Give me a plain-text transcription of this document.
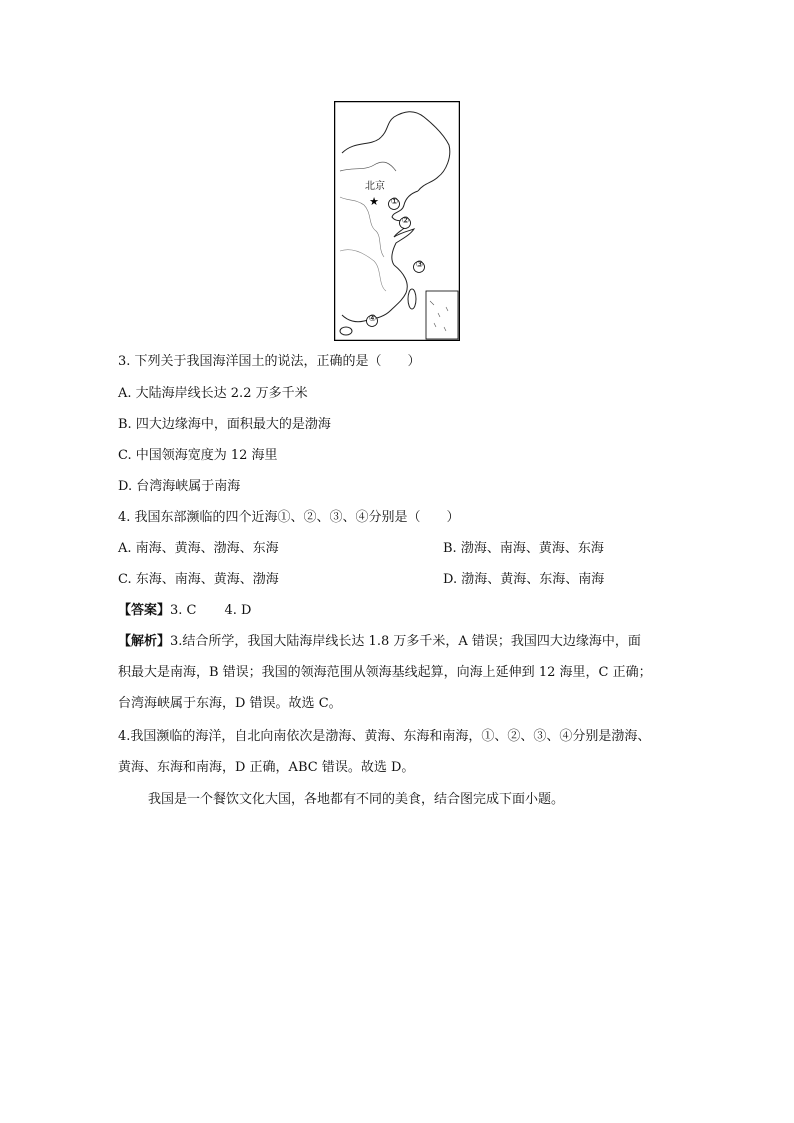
★
北京
①
②
③
④
3. 下列关于我国海洋国土的说法，正确的是（　　）
A. 大陆海岸线长达 2.2 万多千米
B. 四大边缘海中，面积最大的是渤海
C. 中国领海宽度为 12 海里
D. 台湾海峡属于南海
4. 我国东部濒临的四个近海①、②、③、④分别是（　　）
A. 南海、黄海、渤海、东海	B. 渤海、南海、黄海、东海
C. 东海、南海、黄海、渤海	D. 渤海、黄海、东海、南海
【答案】3. C 4. D
【解析】3.结合所学，我国大陆海岸线长达 1.8 万多千米，A 错误；我国四大边缘海中，面
积最大是南海，B 错误；我国的领海范围从领海基线起算，向海上延伸到 12 海里，C 正确；
台湾海峡属于东海，D 错误。故选 C。
4.我国濒临的海洋，自北向南依次是渤海、黄海、东海和南海，①、②、③、④分别是渤海、
黄海、东海和南海，D 正确，ABC 错误。故选 D。
我国是一个餐饮文化大国，各地都有不同的美食，结合图完成下面小题。
